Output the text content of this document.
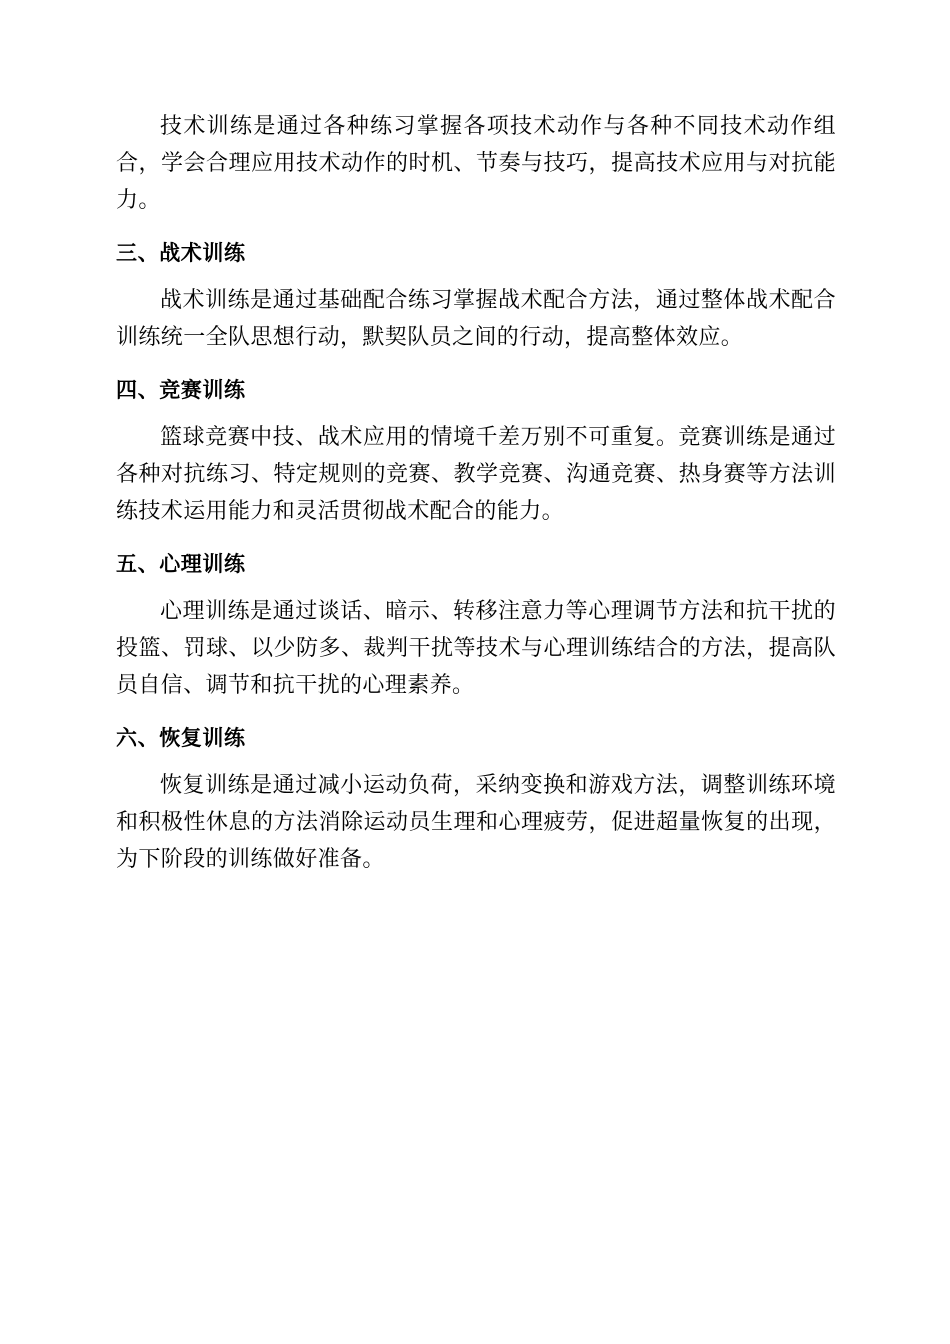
技术训练是通过各种练习掌握各项技术动作与各种不同技术动作组合，学会合理应用技术动作的时机、节奏与技巧，提高技术应用与对抗能力。

三、战术训练

战术训练是通过基础配合练习掌握战术配合方法，通过整体战术配合训练统一全队思想行动，默契队员之间的行动，提高整体效应。

四、竞赛训练

篮球竞赛中技、战术应用的情境千差万别不可重复。竞赛训练是通过各种对抗练习、特定规则的竞赛、教学竞赛、沟通竞赛、热身赛等方法训练技术运用能力和灵活贯彻战术配合的能力。

五、心理训练

心理训练是通过谈话、暗示、转移注意力等心理调节方法和抗干扰的投篮、罚球、以少防多、裁判干扰等技术与心理训练结合的方法，提高队员自信、调节和抗干扰的心理素养。

六、恢复训练

恢复训练是通过减小运动负荷，采纳变换和游戏方法，调整训练环境和积极性休息的方法消除运动员生理和心理疲劳，促进超量恢复的出现，为下阶段的训练做好准备。
